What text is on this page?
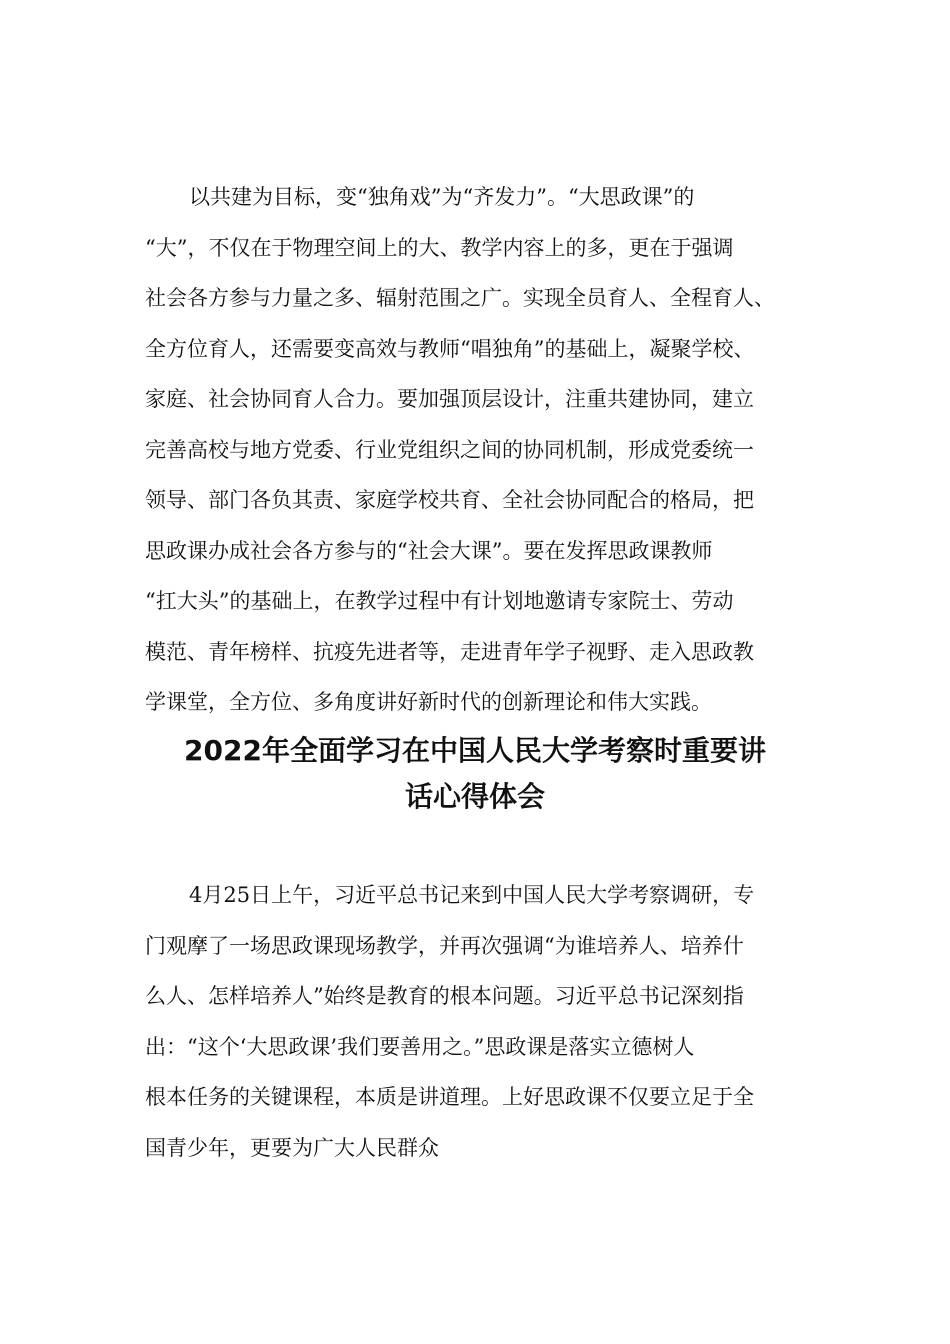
以共建为目标，变“独角戏”为“齐发力”。“大思政课”的
“大”，不仅在于物理空间上的大、教学内容上的多，更在于强调
社会各方参与力量之多、辐射范围之广。实现全员育人、全程育人、
全方位育人，还需要变高效与教师“唱独角”的基础上，凝聚学校、
家庭、社会协同育人合力。要加强顶层设计，注重共建协同，建立
完善高校与地方党委、行业党组织之间的协同机制，形成党委统一
领导、部门各负其责、家庭学校共育、全社会协同配合的格局，把
思政课办成社会各方参与的“社会大课”。要在发挥思政课教师
“扛大头”的基础上，在教学过程中有计划地邀请专家院士、劳动
模范、青年榜样、抗疫先进者等，走进青年学子视野、走入思政教
学课堂，全方位、多角度讲好新时代的创新理论和伟大实践。
2022年全面学习在中国人民大学考察时重要讲
话心得体会
4月25日上午，习近平总书记来到中国人民大学考察调研，专
门观摩了一场思政课现场教学，并再次强调“为谁培养人、培养什
么人、怎样培养人”始终是教育的根本问题。习近平总书记深刻指
出：“这个‘大思政课’我们要善用之。”思政课是落实立德树人
根本任务的关键课程，本质是讲道理。上好思政课不仅要立足于全
国青少年，更要为广大人民群众
